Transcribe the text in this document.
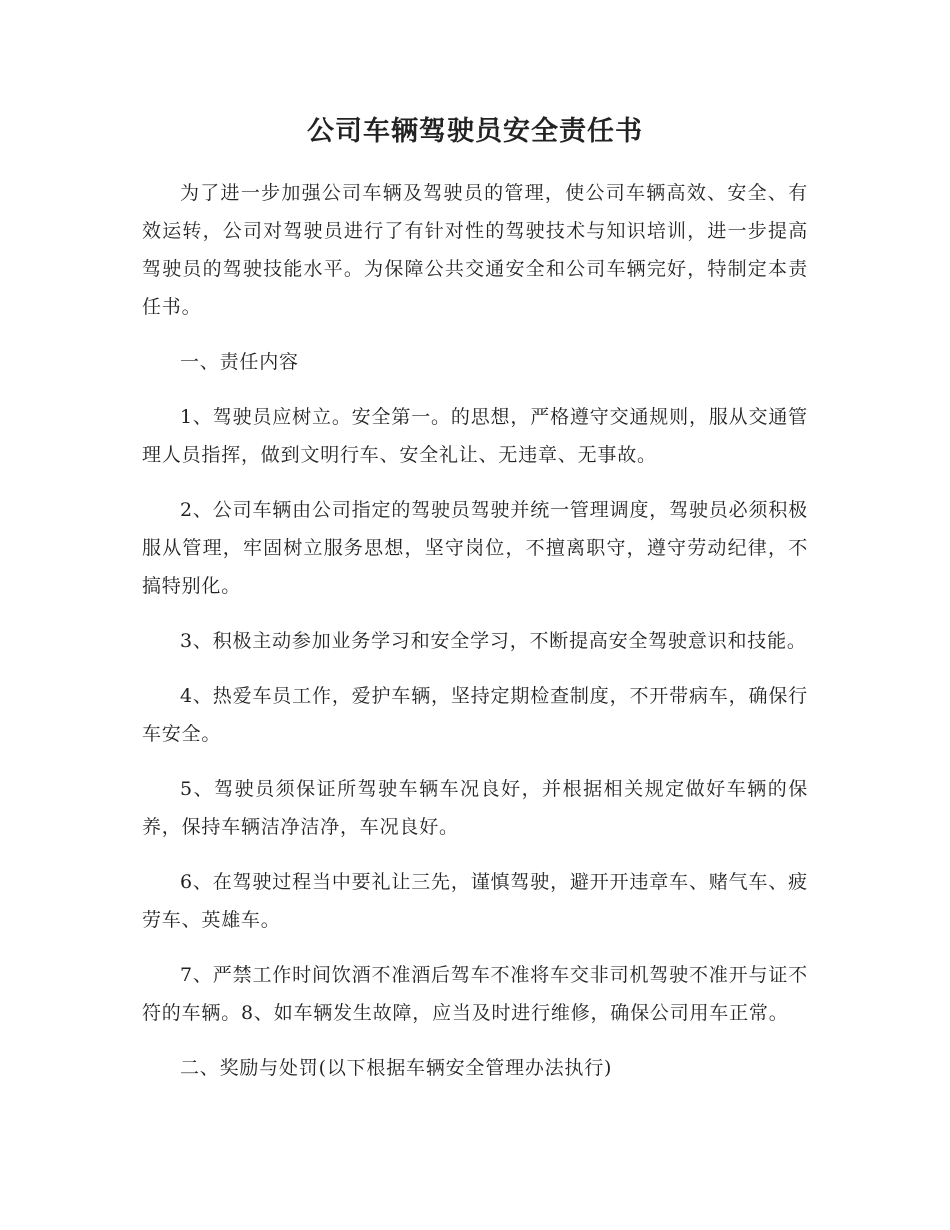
公司车辆驾驶员安全责任书

为了进一步加强公司车辆及驾驶员的管理，使公司车辆高效、安全、有效运转，公司对驾驶员进行了有针对性的驾驶技术与知识培训，进一步提高驾驶员的驾驶技能水平。为保障公共交通安全和公司车辆完好，特制定本责任书。

一、责任内容

1、驾驶员应树立。安全第一。的思想，严格遵守交通规则，服从交通管理人员指挥，做到文明行车、安全礼让、无违章、无事故。

2、公司车辆由公司指定的驾驶员驾驶并统一管理调度，驾驶员必须积极服从管理，牢固树立服务思想，坚守岗位，不擅离职守，遵守劳动纪律，不搞特别化。

3、积极主动参加业务学习和安全学习，不断提高安全驾驶意识和技能。

4、热爱车员工作，爱护车辆，坚持定期检查制度，不开带病车，确保行车安全。

5、驾驶员须保证所驾驶车辆车况良好，并根据相关规定做好车辆的保养，保持车辆洁净洁净，车况良好。

6、在驾驶过程当中要礼让三先，谨慎驾驶，避开开违章车、赌气车、疲劳车、英雄车。

7、严禁工作时间饮酒不准酒后驾车不准将车交非司机驾驶不准开与证不符的车辆。8、如车辆发生故障，应当及时进行维修，确保公司用车正常。

二、奖励与处罚(以下根据车辆安全管理办法执行)
